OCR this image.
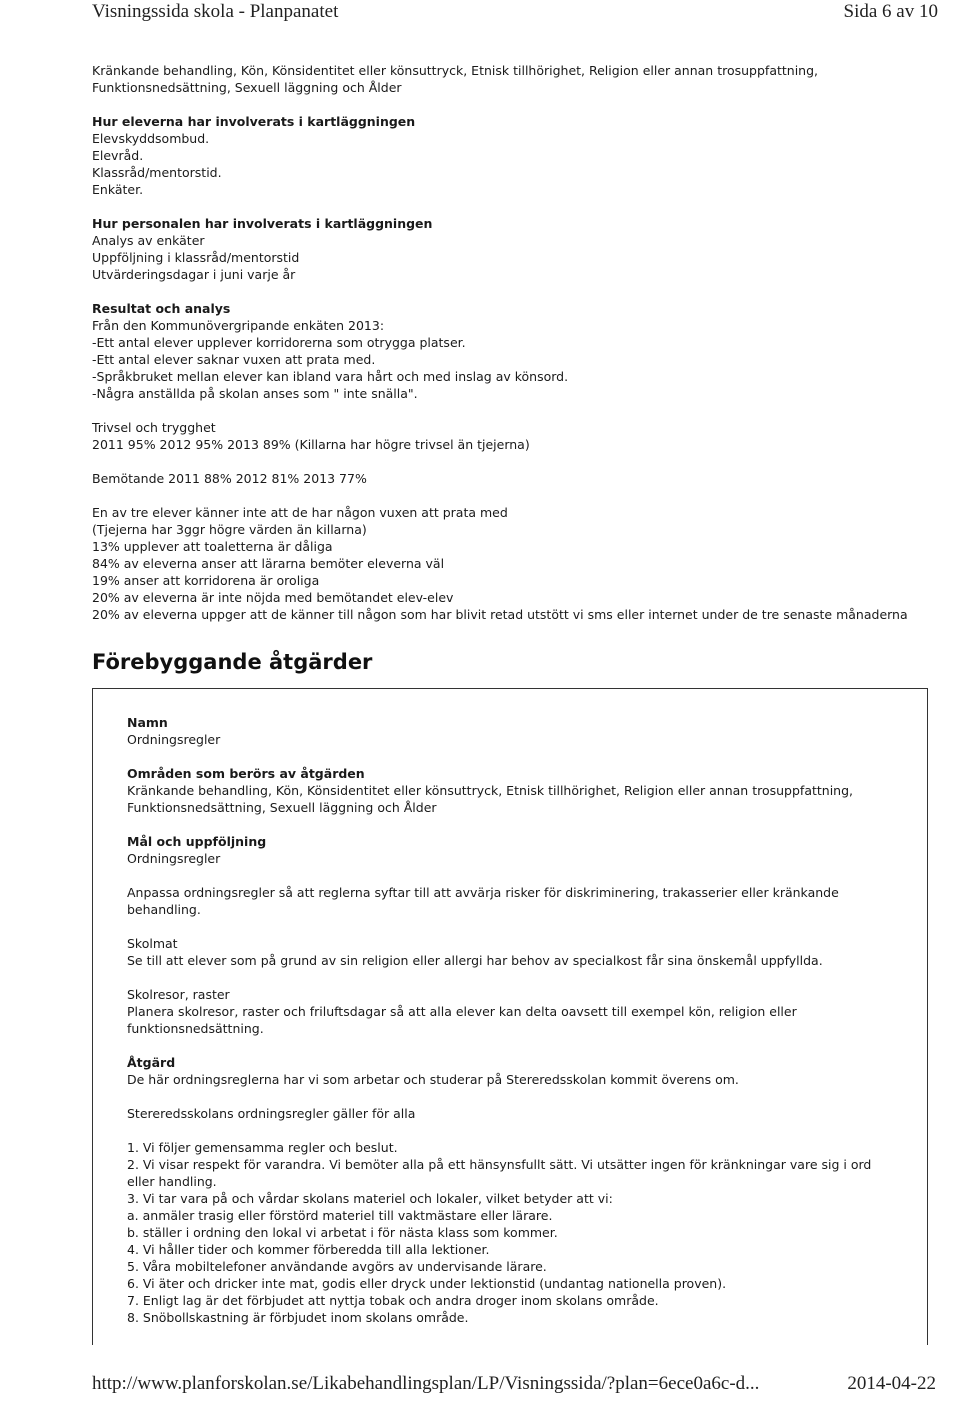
Visningssida skola - Planpanatet	Sida 6 av 10

Kränkande behandling, Kön, Könsidentitet eller könsuttryck, Etnisk tillhörighet, Religion eller annan trosuppfattning,

Funktionsnedsättning, Sexuell läggning och Ålder

Hur eleverna har involverats i kartläggningen

Elevskyddsombud.

Elevråd.

Klassråd/mentorstid.

Enkäter.

Hur personalen har involverats i kartläggningen

Analys av enkäter

Uppföljning i klassråd/mentorstid

Utvärderingsdagar i juni varje år

Resultat och analys

Från den Kommunövergripande enkäten 2013:

-Ett antal elever upplever korridorerna som otrygga platser.

-Ett antal elever saknar vuxen att prata med.

-Språkbruket mellan elever kan ibland vara hårt och med inslag av könsord.

-Några anställda på skolan anses som " inte snälla".

Trivsel och trygghet

2011 95% 2012 95% 2013 89% (Killarna har högre trivsel än tjejerna)

Bemötande 2011 88% 2012 81% 2013 77%

En av tre elever känner inte att de har någon vuxen att prata med

(Tjejerna har 3ggr högre värden än killarna)

13% upplever att toaletterna är dåliga

84% av eleverna anser att lärarna bemöter eleverna väl

19% anser att korridorena är oroliga

20% av eleverna är inte nöjda med bemötandet elev-elev

20% av eleverna uppger att de känner till någon som har blivit retad utstött vi sms eller internet under de tre senaste månaderna

Förebyggande åtgärder

Namn

Ordningsregler

Områden som berörs av åtgärden

Kränkande behandling, Kön, Könsidentitet eller könsuttryck, Etnisk tillhörighet, Religion eller annan trosuppfattning,

Funktionsnedsättning, Sexuell läggning och Ålder

Mål och uppföljning

Ordningsregler

Anpassa ordningsregler så att reglerna syftar till att avvärja risker för diskriminering, trakasserier eller kränkande

behandling.

Skolmat

Se till att elever som på grund av sin religion eller allergi har behov av specialkost får sina önskemål uppfyllda.

Skolresor, raster

Planera skolresor, raster och friluftsdagar så att alla elever kan delta oavsett till exempel kön, religion eller

funktionsnedsättning.

Åtgärd

De här ordningsreglerna har vi som arbetar och studerar på Stereredsskolan kommit överens om.

Stereredsskolans ordningsregler gäller för alla

1. Vi följer gemensamma regler och beslut.
2. Vi visar respekt för varandra. Vi bemöter alla på ett hänsynsfullt sätt. Vi utsätter ingen för kränkningar vare sig i ord
eller handling.
3. Vi tar vara på och vårdar skolans materiel och lokaler, vilket betyder att vi:
a. anmäler trasig eller förstörd materiel till vaktmästare eller lärare.
b. ställer i ordning den lokal vi arbetat i för nästa klass som kommer.
4. Vi håller tider och kommer förberedda till alla lektioner.
5. Våra mobiltelefoner användande avgörs av undervisande lärare.
6. Vi äter och dricker inte mat, godis eller dryck under lektionstid (undantag nationella proven).
7. Enligt lag är det förbjudet att nyttja tobak och andra droger inom skolans område.
8. Snöbollskastning är förbjudet inom skolans område.
http://www.planforskolan.se/Likabehandlingsplan/LP/Visningssida/?plan=6ece0a6c-d...	2014-04-22
